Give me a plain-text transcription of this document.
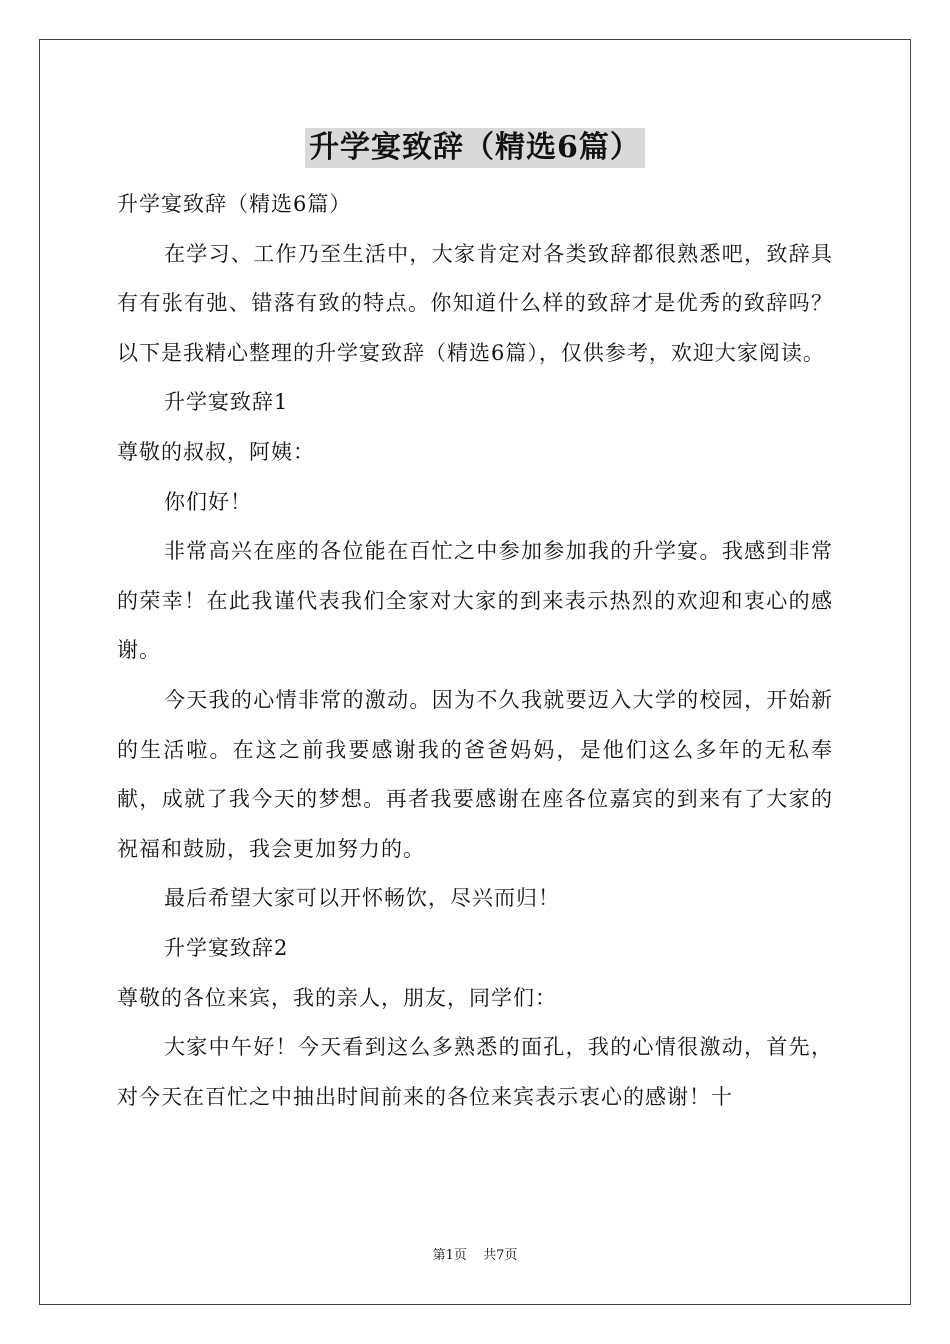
升学宴致辞（精选6篇）

升学宴致辞（精选6篇）

在学习、工作乃至生活中，大家肯定对各类致辞都很熟悉吧，致辞具有有张有弛、错落有致的特点。你知道什么样的致辞才是优秀的致辞吗？以下是我精心整理的升学宴致辞（精选6篇），仅供参考，欢迎大家阅读。

升学宴致辞1

尊敬的叔叔，阿姨：

你们好！

非常高兴在座的各位能在百忙之中参加参加我的升学宴。我感到非常的荣幸！在此我谨代表我们全家对大家的到来表示热烈的欢迎和衷心的感谢。

今天我的心情非常的激动。因为不久我就要迈入大学的校园，开始新的生活啦。在这之前我要感谢我的爸爸妈妈，是他们这么多年的无私奉献，成就了我今天的梦想。再者我要感谢在座各位嘉宾的到来有了大家的祝福和鼓励，我会更加努力的。

最后希望大家可以开怀畅饮，尽兴而归！

升学宴致辞2

尊敬的各位来宾，我的亲人，朋友，同学们：

大家中午好！今天看到这么多熟悉的面孔，我的心情很激动，首先，对今天在百忙之中抽出时间前来的各位来宾表示衷心的感谢！十

第1页 共7页
